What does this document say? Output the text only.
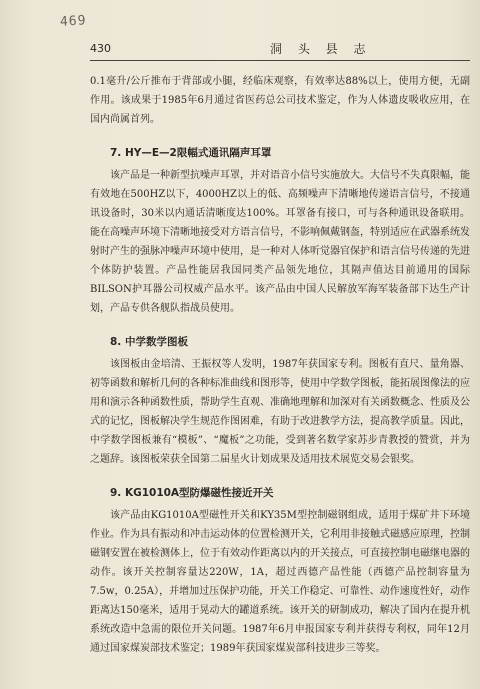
469
430	洞 头 县 志

0.1毫升/公斤推布于背部或小腿，经临床观察，有效率达88%以上，使用方便，无副作用。该成果于1985年6月通过省医药总公司技术鉴定，作为人体遗皮吸收应用，在国内尚属首列。

7. HY—E—2限幅式通讯隔声耳罩

该产品是一种新型抗噪声耳罩，并对语音小信号实施放大。大信号不失真限幅，能有效地在500HZ以下，4000HZ以上的低、高频噪声下清晰地传递语言信号，不接通讯设备时，30米以内通话清晰度达100%。耳罩备有接口，可与各种通讯设备联用。能在高噪声环境下清晰地接受对方语言信号，不影响佩戴钢盔，特别适应在武器系统发射时产生的强脉冲噪声环境中使用，是一种对人体听觉器官保护和语言信号传递的先进个体防护装置。产品性能居我国同类产品领先地位，其隔声值达目前通用的国际BILSON护耳器公司权威产品水平。该产品由中国人民解放军海军装备部下达生产计划，产品专供各舰队指战员使用。

8. 中学数学图板

该图板由金培清、王振权等人发明，1987年获国家专利。图板有直尺、量角器、初等函数和解析几何的各种标准曲线和图形等，使用中学数学图板，能拓展图像法的应用和演示各种函数性质，帮助学生直观、准确地理解和加深对有关函数概念、性质及公式的记忆，图板解决学生规范作图困难，有助于改进教学方法，提高教学质量。因此，中学数学图板兼有“模板”、“魔板”之功能，受到著名数学家苏步青教授的赞赏，并为之题辞。该图板荣获全国第二届星火计划成果及适用技术展览交易会银奖。

9. KG1010A型防爆磁性接近开关

该产品由KG1010A型磁性开关和KY35M型控制磁钢组成，适用于煤矿井下环境作业。作为具有振动和冲击运动体的位置检测开关，它利用非接触式磁感应原理，控制磁钢安置在被检测体上，位于有效动作距离以内的开关接点，可直接控制电磁继电器的动作。该开关控制容量达220W，1A，超过西德产品性能（西德产品控制容量为7.5w，0.25A），并增加过压保护功能，开关工作稳定、可靠性、动作速度性好，动作距离达150毫米，适用于晃动大的罐道系统。该开关的研制成功，解决了国内在提升机系统改造中急需的限位开关问题。1987年6月申报国家专利并获得专利权，同年12月通过国家煤炭部技术鉴定；1989年获国家煤炭部科技进步三等奖。
